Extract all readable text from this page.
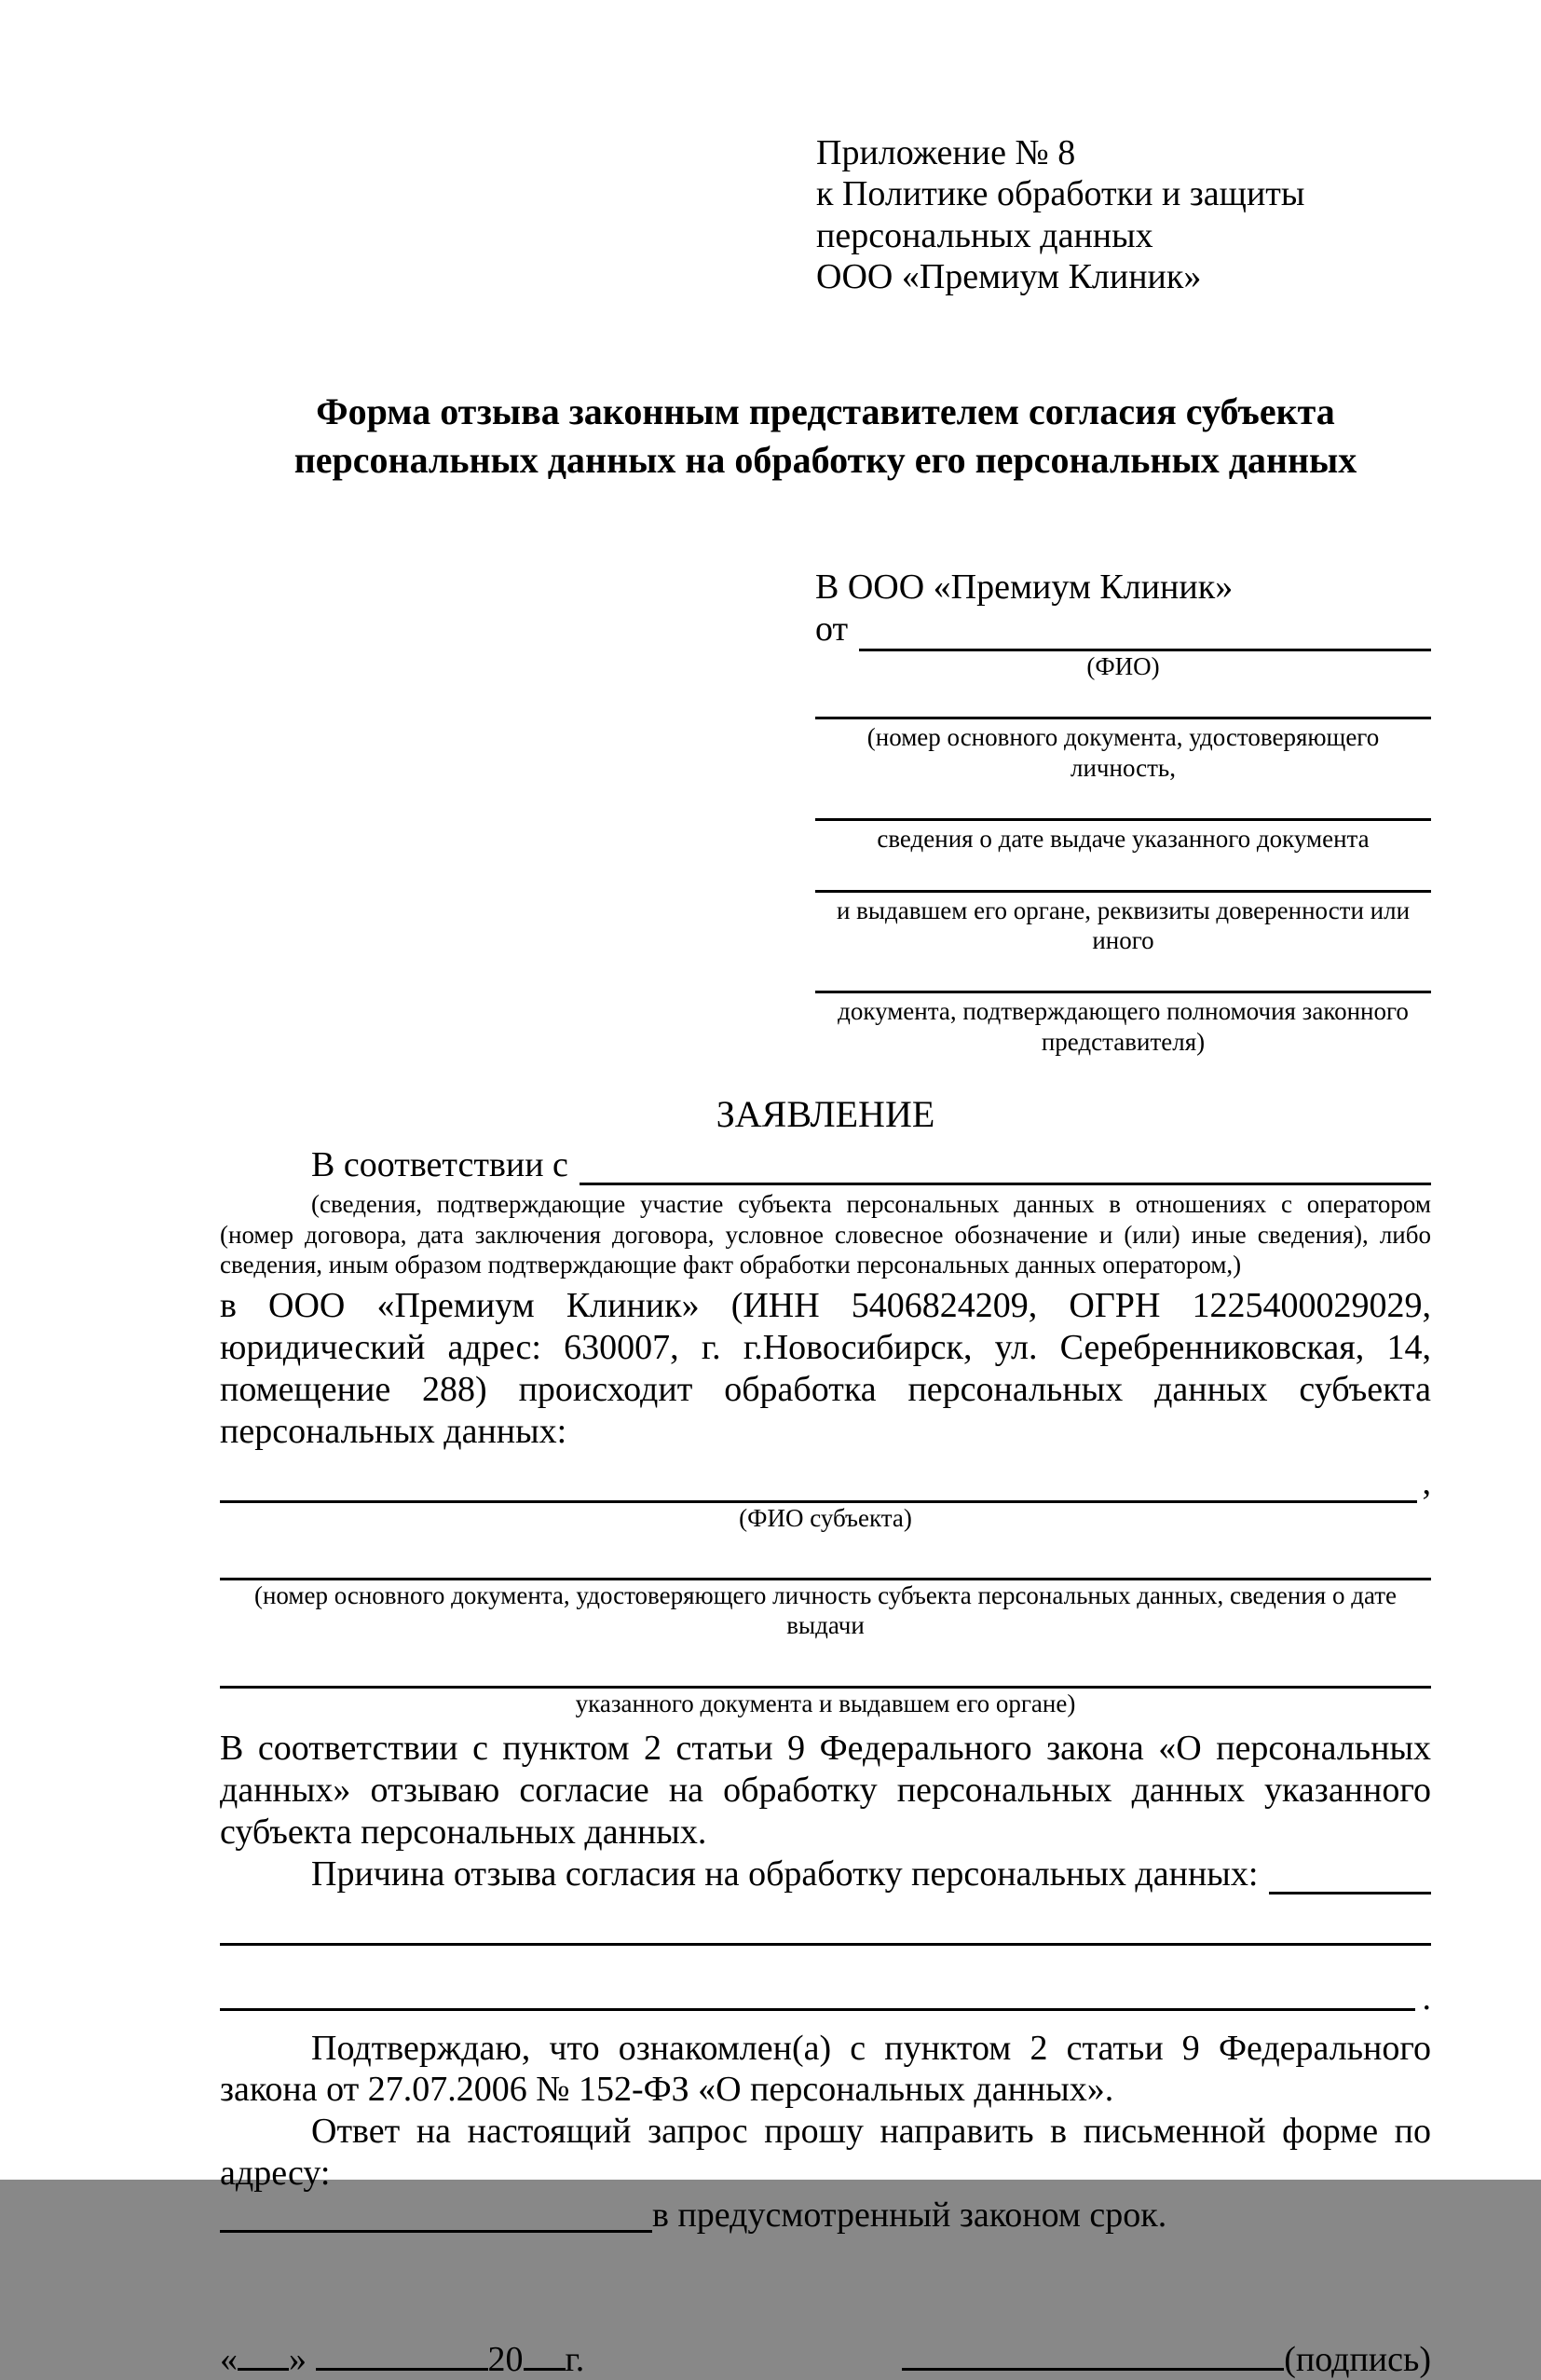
Приложение № 8
к Политике обработки и защиты
персональных данных
ООО «Премиум Клиник»
Форма отзыва законным представителем согласия субъекта
персональных данных на обработку его персональных данных
В ООО «Премиум Клиник»
от
(ФИО)
(номер основного документа, удостоверяющего личность,
сведения о дате выдаче указанного документа
и выдавшем его органе, реквизиты доверенности или иного
документа, подтверждающего полномочия законного представителя)
ЗАЯВЛЕНИЕ
В соответствии с

(сведения, подтверждающие участие субъекта персональных данных в отношениях с оператором (номер договора, дата заключения договора, условное словесное обозначение и (или) иные сведения), либо сведения, иным образом подтверждающие факт обработки персональных данных оператором,)

в ООО «Премиум Клиник» (ИНН 5406824209, ОГРН 1225400029029, юридический адрес: 630007, г. г.Новосибирск, ул. Серебренниковская, 14, помещение 288) происходит обработка персональных данных субъекта персональных данных:

,
(ФИО субъекта)
(номер основного документа, удостоверяющего личность субъекта персональных данных, сведения о дате выдачи
указанного документа и выдавшем его органе)

В соответствии с пунктом 2 статьи 9 Федерального закона «О персональных данных» отзываю согласие на обработку персональных данных указанного субъекта персональных данных.

Причина отзыва согласия на обработку персональных данных:
.

Подтверждаю, что ознакомлен(а) с пунктом 2 статьи 9 Федерального закона от 27.07.2006 № 152-ФЗ «О персональных данных».

Ответ на настоящий запрос прошу направить в письменной форме по адресу:

в предусмотренный законом срок.
« »	20 г.	(подпись)
